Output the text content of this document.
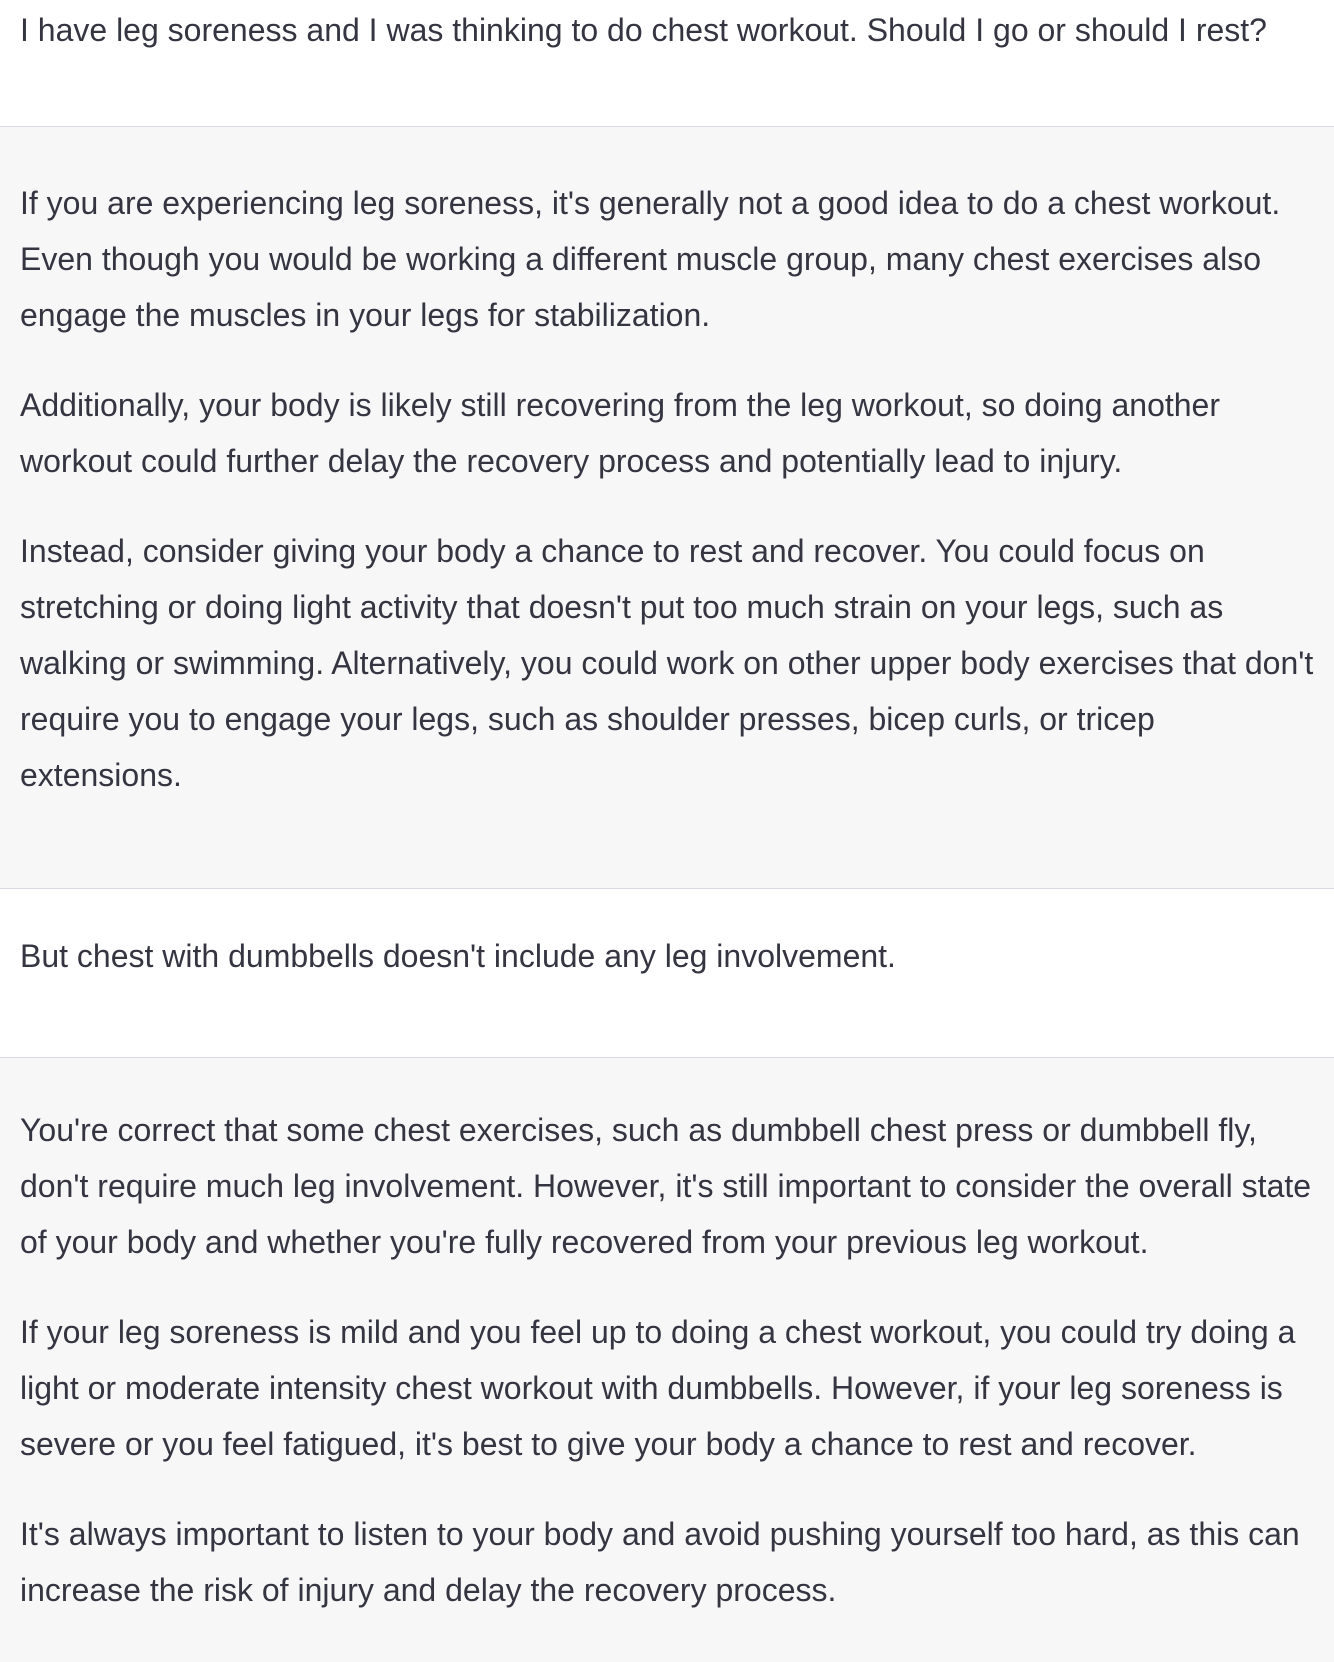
I have leg soreness and I was thinking to do chest workout. Should I go or should I rest?

If you are experiencing leg soreness, it's generally not a good idea to do a chest workout. Even though you would be working a different muscle group, many chest exercises also engage the muscles in your legs for stabilization.

Additionally, your body is likely still recovering from the leg workout, so doing another workout could further delay the recovery process and potentially lead to injury.

Instead, consider giving your body a chance to rest and recover. You could focus on stretching or doing light activity that doesn't put too much strain on your legs, such as walking or swimming. Alternatively, you could work on other upper body exercises that don't require you to engage your legs, such as shoulder presses, bicep curls, or tricep extensions.

But chest with dumbbells doesn't include any leg involvement.

You're correct that some chest exercises, such as dumbbell chest press or dumbbell fly, don't require much leg involvement. However, it's still important to consider the overall state of your body and whether you're fully recovered from your previous leg workout.

If your leg soreness is mild and you feel up to doing a chest workout, you could try doing a light or moderate intensity chest workout with dumbbells. However, if your leg soreness is severe or you feel fatigued, it's best to give your body a chance to rest and recover.

It's always important to listen to your body and avoid pushing yourself too hard, as this can increase the risk of injury and delay the recovery process.
